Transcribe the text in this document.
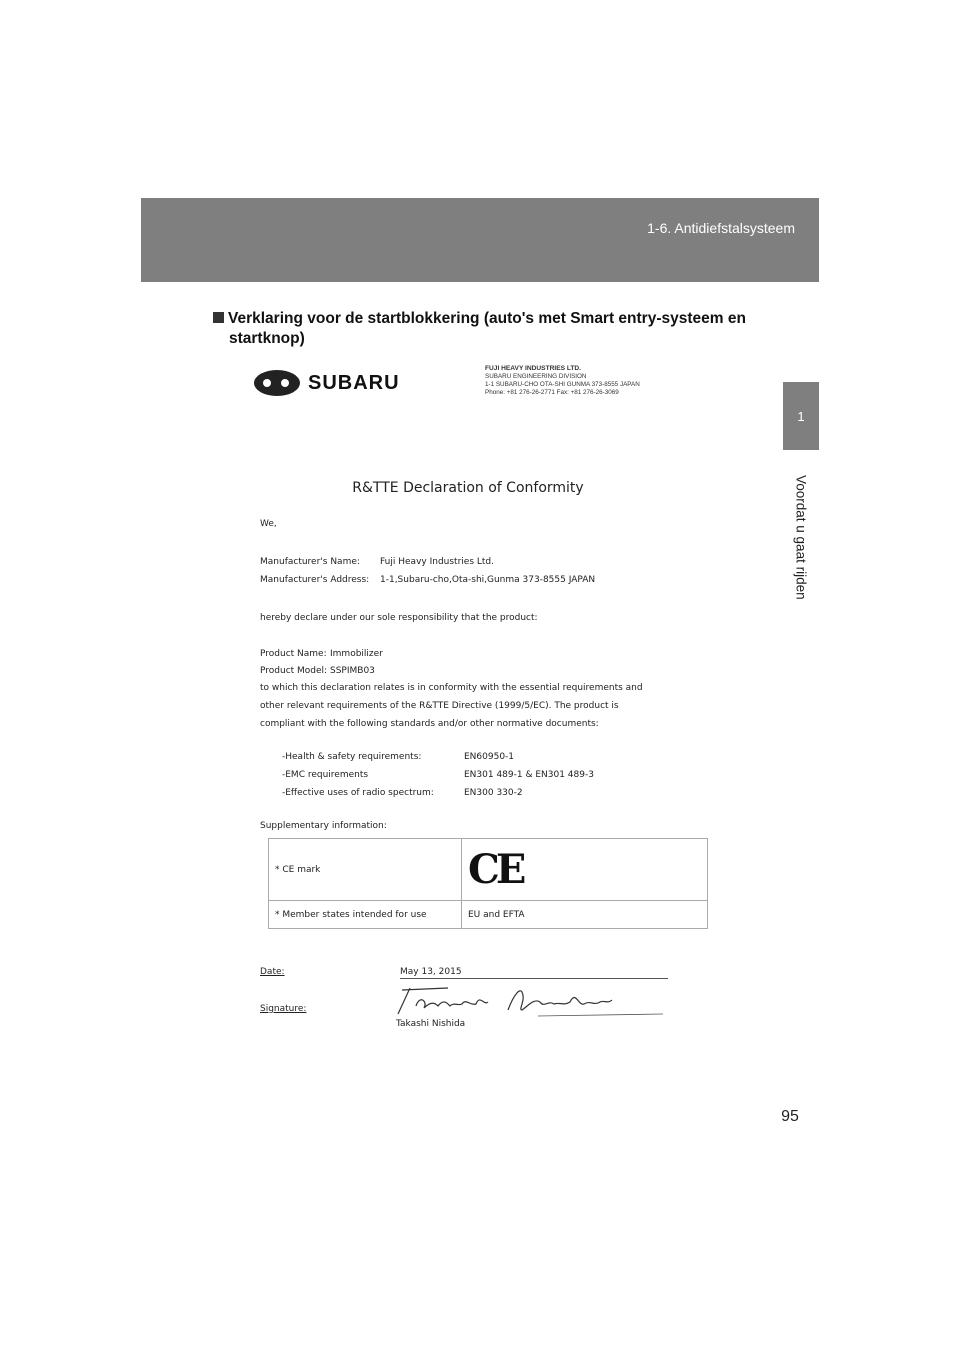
1-6. Antidiefstalsysteem
1
Voordat u gaat rijden
Verklaring voor de startblokkering (auto's met Smart entry-systeem en
startknop)
SUBARU
FUJI HEAVY INDUSTRIES LTD.
SUBARU ENGINEERING DIVISION
1-1 SUBARU-CHO OTA-SHI GUNMA 373-8555 JAPAN
Phone: +81 276-26-2771 Fax: +81 276-26-3069
R&TTE Declaration of Conformity
We,
Manufacturer's Name: Fuji Heavy Industries Ltd.
Manufacturer's Address: 1-1,Subaru-cho,Ota-shi,Gunma 373-8555 JAPAN
hereby declare under our sole responsibility that the product:
Product Name: Immobilizer
Product Model: SSPIMB03
to which this declaration relates is in conformity with the essential requirements and
other relevant requirements of the R&TTE Directive (1999/5/EC). The product is
compliant with the following standards and/or other normative documents:
-Health & safety requirements:	EN60950-1
-EMC requirements	EN301 489-1 & EN301 489-3
-Effective uses of radio spectrum:	EN300 330-2
Supplementary information:
* CE mark	CE
* Member states intended for use	EU and EFTA
Date:	May 13, 2015
Signature:
Takashi Nishida
95
